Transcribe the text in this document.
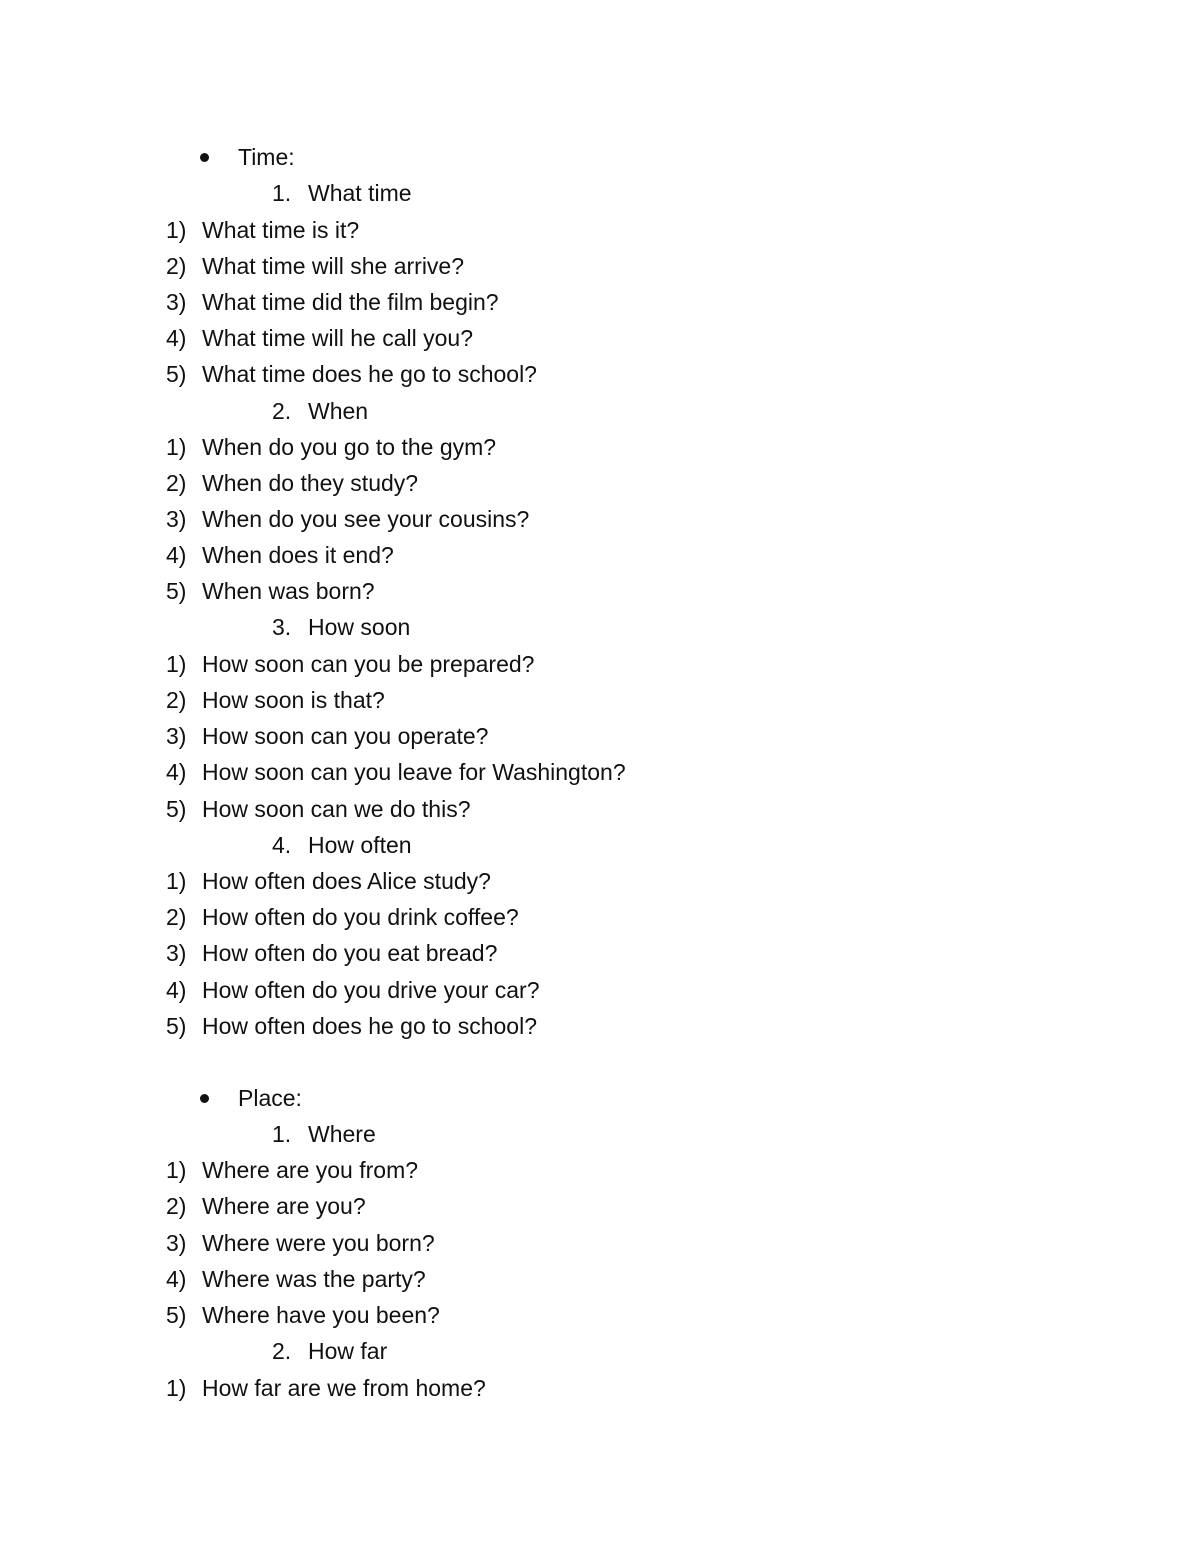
Time:
1. What time
1) What time is it?
2) What time will she arrive?
3) What time did the film begin?
4) What time will he call you?
5) What time does he go to school?
2. When
1) When do you go to the gym?
2) When do they study?
3) When do you see your cousins?
4) When does it end?
5) When was born?
3. How soon
1) How soon can you be prepared?
2) How soon is that?
3) How soon can you operate?
4) How soon can you leave for Washington?
5) How soon can we do this?
4. How often
1) How often does Alice study?
2) How often do you drink coffee?
3) How often do you eat bread?
4) How often do you drive your car?
5) How often does he go to school?
Place:
1. Where
1) Where are you from?
2) Where are you?
3) Where were you born?
4) Where was the party?
5) Where have you been?
2. How far
1) How far are we from home?
